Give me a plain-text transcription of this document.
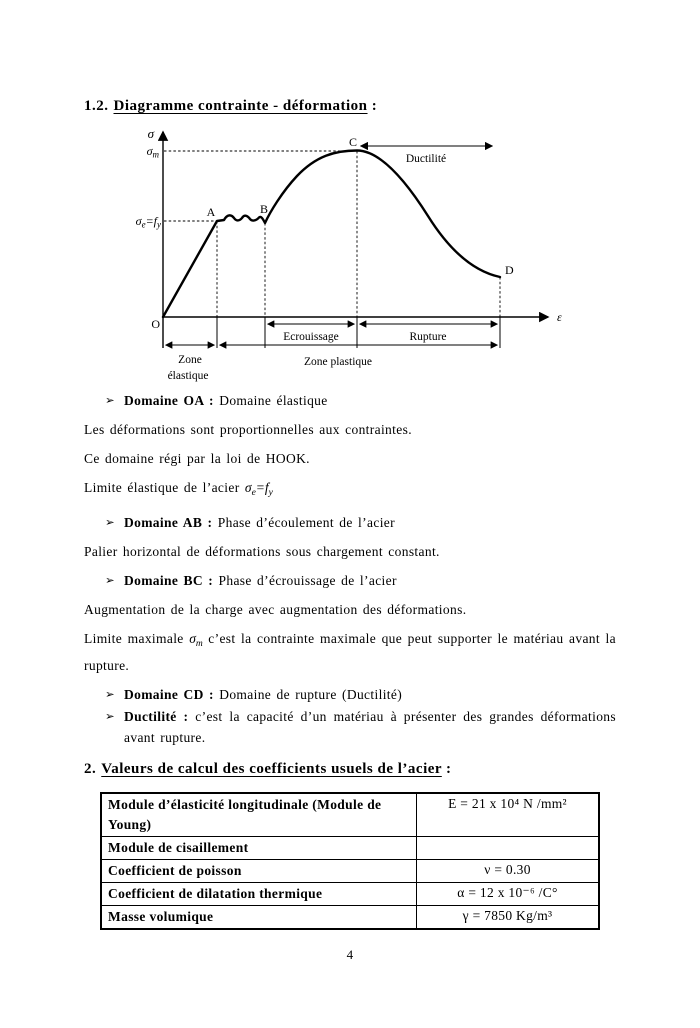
1.2. Diagramme contrainte - déformation :
σ
σm
σe=fy
O
A	B
C
D
ε
Ductilité
Ecrouissage	Rupture
Zone
élastique
Zone plastique
➢ Domaine OA : Domaine élastique

Les déformations sont proportionnelles aux contraintes.

Ce domaine régi par la loi de HOOK.

Limite élastique de l’acier $\sigma_e=f_y$

➢ Domaine AB : Phase d’écoulement de l’acier

Palier horizontal de déformations sous chargement constant.

➢ Domaine BC : Phase d’écrouissage de l’acier

Augmentation de la charge avec augmentation des déformations.

Limite maximale $\sigma_m$ c’est la contrainte maximale que peut supporter le matériau avant la rupture.

➢ Domaine CD : Domaine de rupture (Ductilité)
➢ Ductilité : c’est la capacité d’un matériau à présenter des grandes déformations avant rupture.
2. Valeurs de calcul des coefficients usuels de l’acier :
Module d’élasticité longitudinale (Module de Young)	E = 21 x 10⁴ N /mm²
Module de cisaillement	
Coefficient de poisson	ν = 0.30
Coefficient de dilatation thermique	α = 12 x 10⁻⁶ /C°
Masse volumique	γ = 7850 Kg/m³
4
